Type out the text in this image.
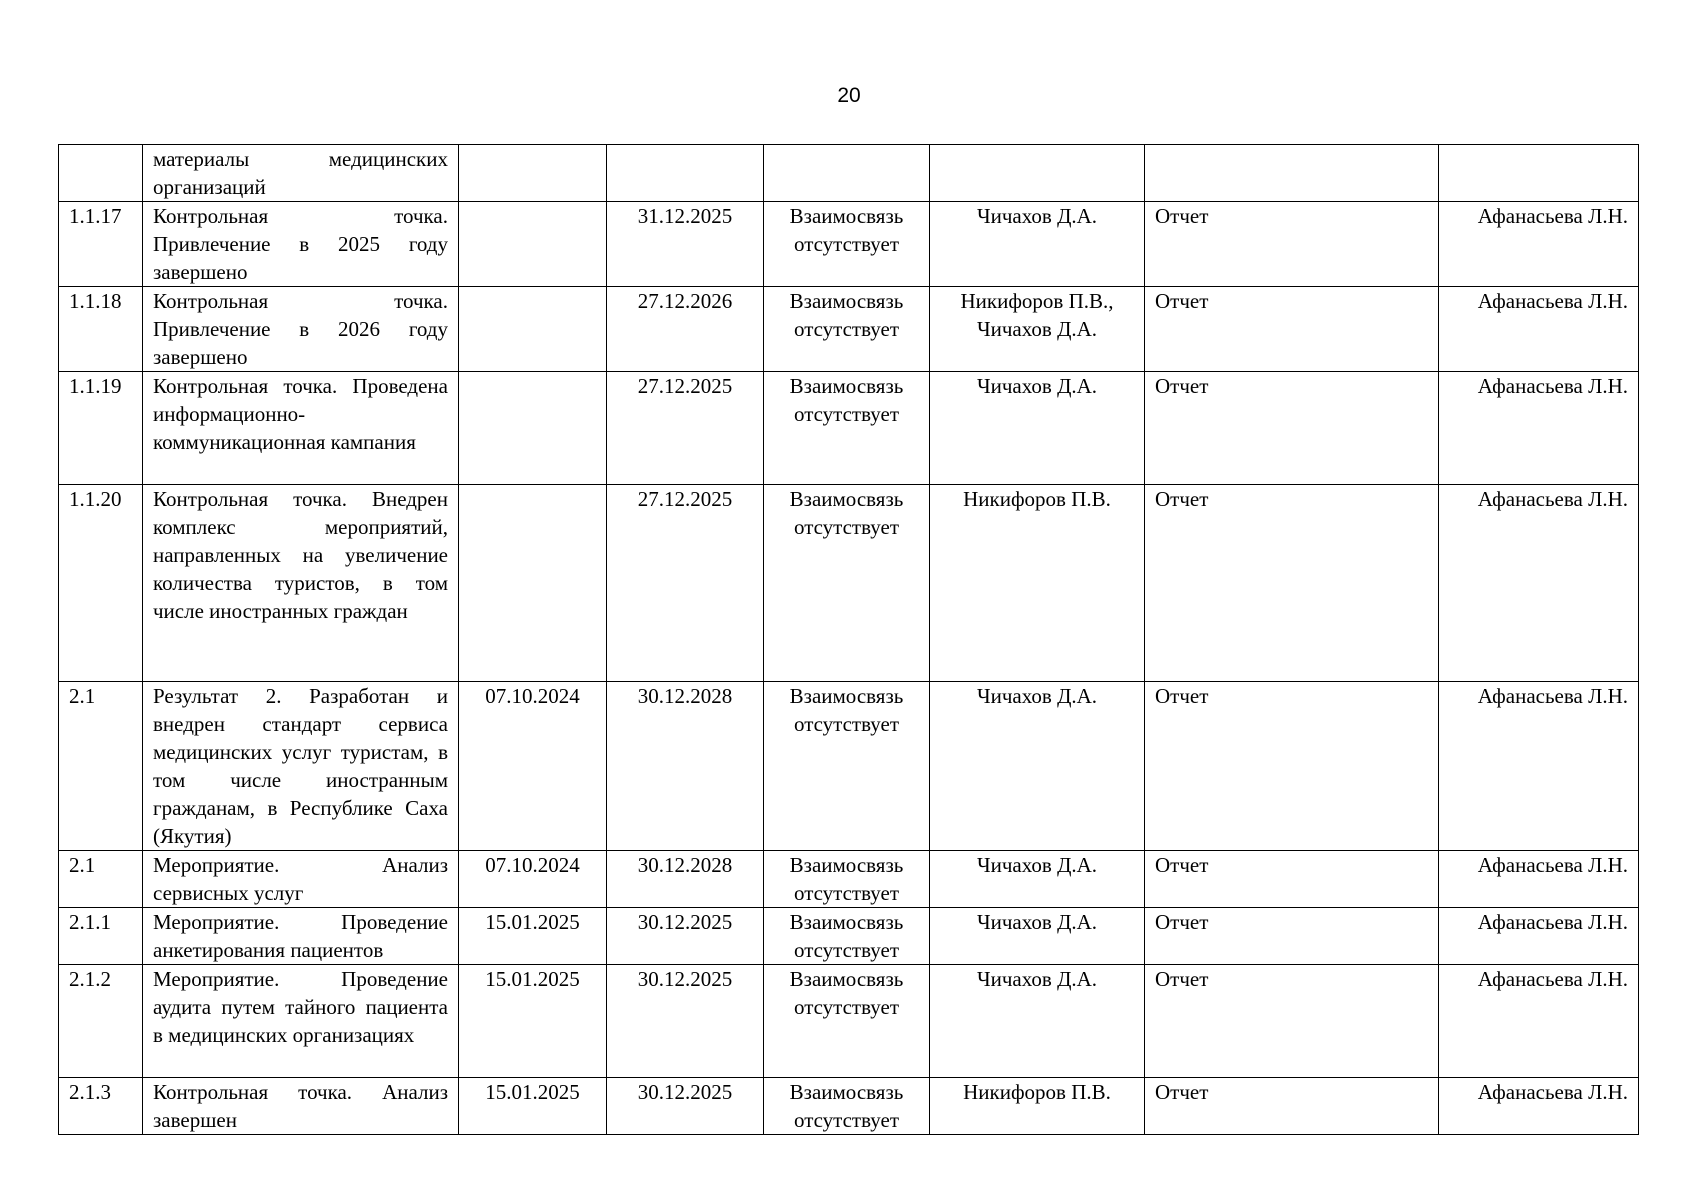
20
	материалы медицинских организаций						
1.1.17	Контрольная точка. Привлечение в 2025 году завершено		31.12.2025	Взаимосвязь отсутствует	Чичахов Д.А.	Отчет	Афанасьева Л.Н.
1.1.18	Контрольная точка. Привлечение в 2026 году завершено		27.12.2026	Взаимосвязь отсутствует	Никифоров П.В., Чичахов Д.А.	Отчет	Афанасьева Л.Н.
1.1.19	Контрольная точка. Проведена информационно-коммуникационная кампания		27.12.2025	Взаимосвязь отсутствует	Чичахов Д.А.	Отчет	Афанасьева Л.Н.
1.1.20	Контрольная точка. Внедрен комплекс мероприятий, направленных на увеличение количества туристов, в том числе иностранных граждан		27.12.2025	Взаимосвязь отсутствует	Никифоров П.В.	Отчет	Афанасьева Л.Н.
2.1	Результат 2. Разработан и внедрен стандарт сервиса медицинских услуг туристам, в том числе иностранным гражданам, в Республике Саха (Якутия)	07.10.2024	30.12.2028	Взаимосвязь отсутствует	Чичахов Д.А.	Отчет	Афанасьева Л.Н.
2.1	Мероприятие. Анализ сервисных услуг	07.10.2024	30.12.2028	Взаимосвязь отсутствует	Чичахов Д.А.	Отчет	Афанасьева Л.Н.
2.1.1	Мероприятие. Проведение анкетирования пациентов	15.01.2025	30.12.2025	Взаимосвязь отсутствует	Чичахов Д.А.	Отчет	Афанасьева Л.Н.
2.1.2	Мероприятие. Проведение аудита путем тайного пациента в медицинских организациях	15.01.2025	30.12.2025	Взаимосвязь отсутствует	Чичахов Д.А.	Отчет	Афанасьева Л.Н.
2.1.3	Контрольная точка. Анализ завершен	15.01.2025	30.12.2025	Взаимосвязь отсутствует	Никифоров П.В.	Отчет	Афанасьева Л.Н.
